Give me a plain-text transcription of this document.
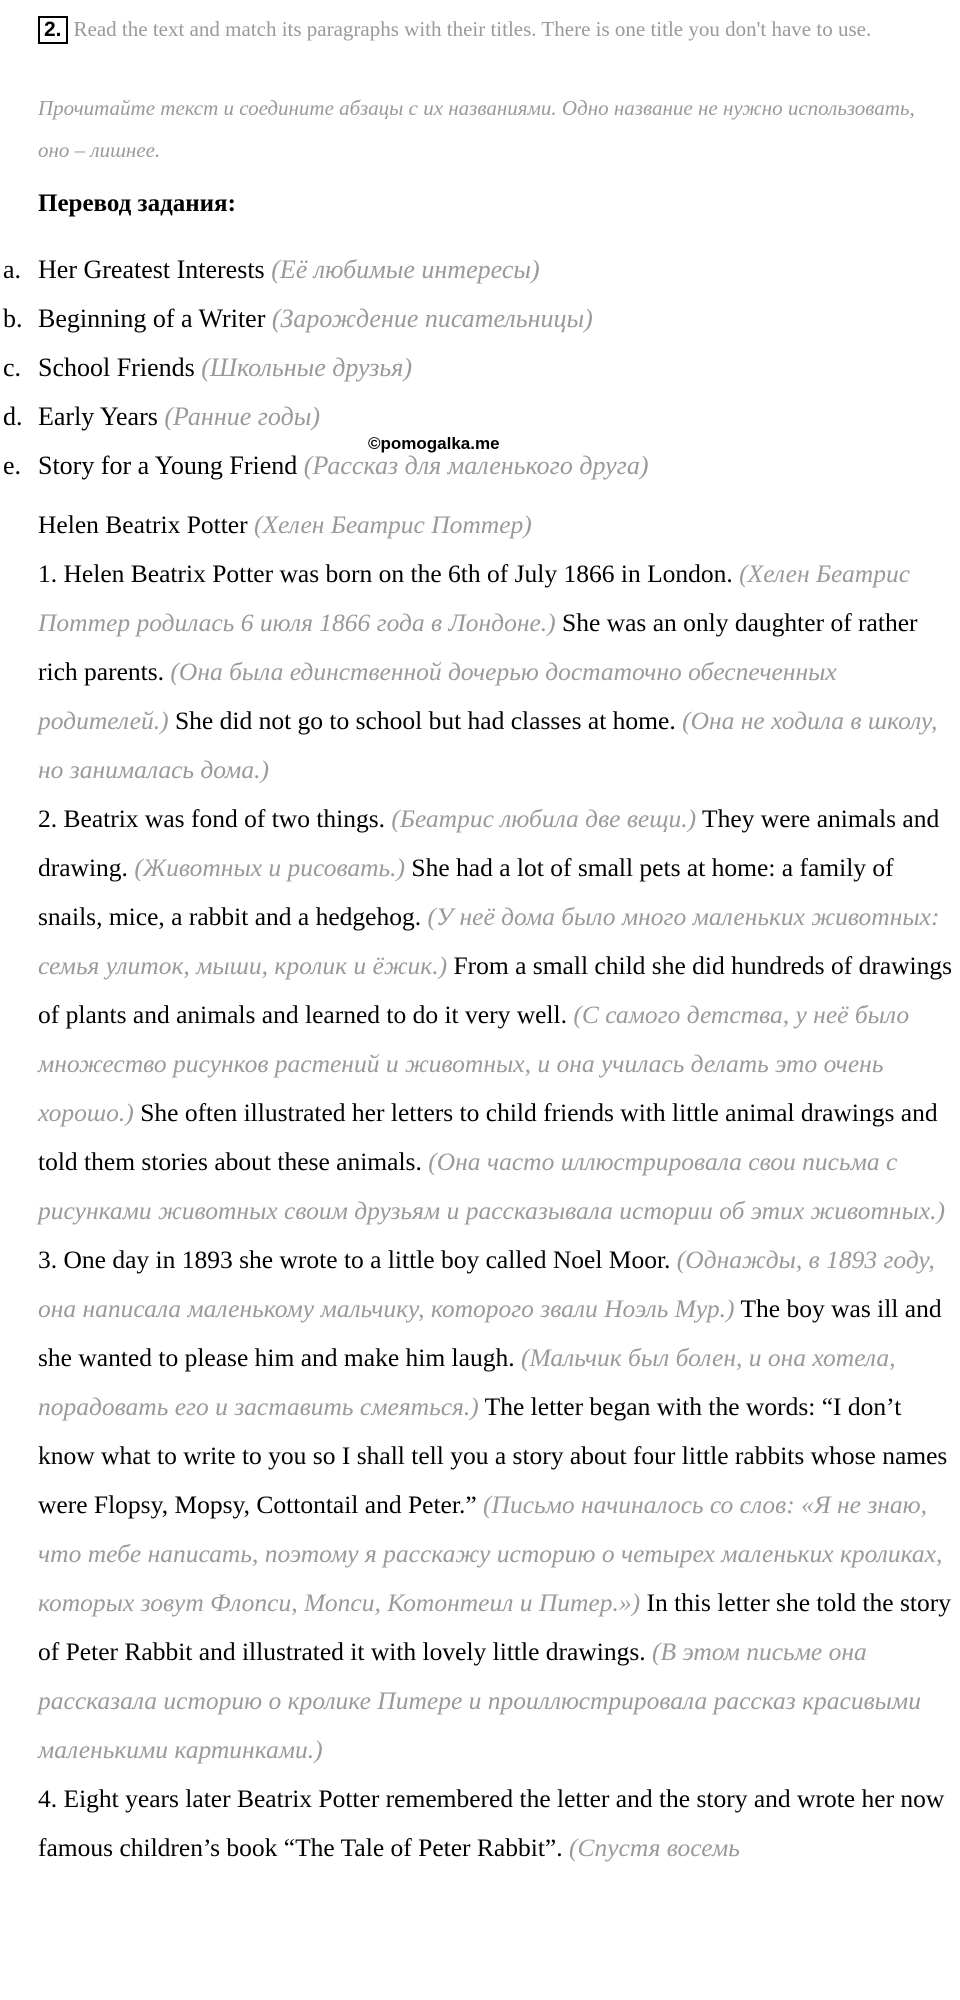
2. Read the text and match its paragraphs with their titles. There is one title you don't have to use.
Прочитайте текст и соедините абзацы с их названиями. Одно название не нужно использовать, оно – лишнее.
Перевод задания:
a. Her Greatest Interests (Её любимые интересы)
b. Beginning of a Writer (Зарождение писательницы)
c. School Friends (Школьные друзья)
d. Early Years (Ранние годы)
e. Story for a Young Friend (Рассказ для маленького друга)
©pomogalka.me

Helen Beatrix Potter (Хелен Беатрис Поттер)

1. Helen Beatrix Potter was born on the 6th of July 1866 in London. (Хелен Беатрис Поттер родилась 6 июля 1866 года в Лондоне.) She was an only daughter of rather rich parents. (Она была единственной дочерью достаточно обеспеченных родителей.) She did not go to school but had classes at home. (Она не ходила в школу, но занималась дома.)

2. Beatrix was fond of two things. (Беатрис любила две вещи.) They were animals and drawing. (Животных и рисовать.) She had a lot of small pets at home: a family of snails, mice, a rabbit and a hedgehog. (У неё дома было много маленьких животных: семья улиток, мыши, кролик и ёжик.) From a small child she did hundreds of drawings of plants and animals and learned to do it very well. (С самого детства, у неё было множество рисунков растений и животных, и она училась делать это очень хорошо.) She often illustrated her letters to child friends with little animal drawings and told them stories about these animals. (Она часто иллюстрировала свои письма с рисунками животных своим друзьям и рассказывала истории об этих животных.)

3. One day in 1893 she wrote to a little boy called Noel Moor. (Однажды, в 1893 году, она написала маленькому мальчику, которого звали Ноэль Мур.) The boy was ill and she wanted to please him and make him laugh. (Мальчик был болен, и она хотела, порадовать его и заставить смеяться.) The letter began with the words: “I don’t know what to write to you so I shall tell you a story about four little rabbits whose names were Flopsy, Mopsy, Cottontail and Peter.” (Письмо начиналось со слов: «Я не знаю, что тебе написать, поэтому я расскажу историю о четырех маленьких кроликах, которых зовут Флопси, Мопси, Котонтеил и Питер.») In this letter she told the story of Peter Rabbit and illustrated it with lovely little drawings. (В этом письме она рассказала историю о кролике Питере и проиллюстрировала рассказ красивыми маленькими картинками.)

4. Eight years later Beatrix Potter remembered the letter and the story and wrote her now famous children’s book “The Tale of Peter Rabbit”. (Спустя восемь
